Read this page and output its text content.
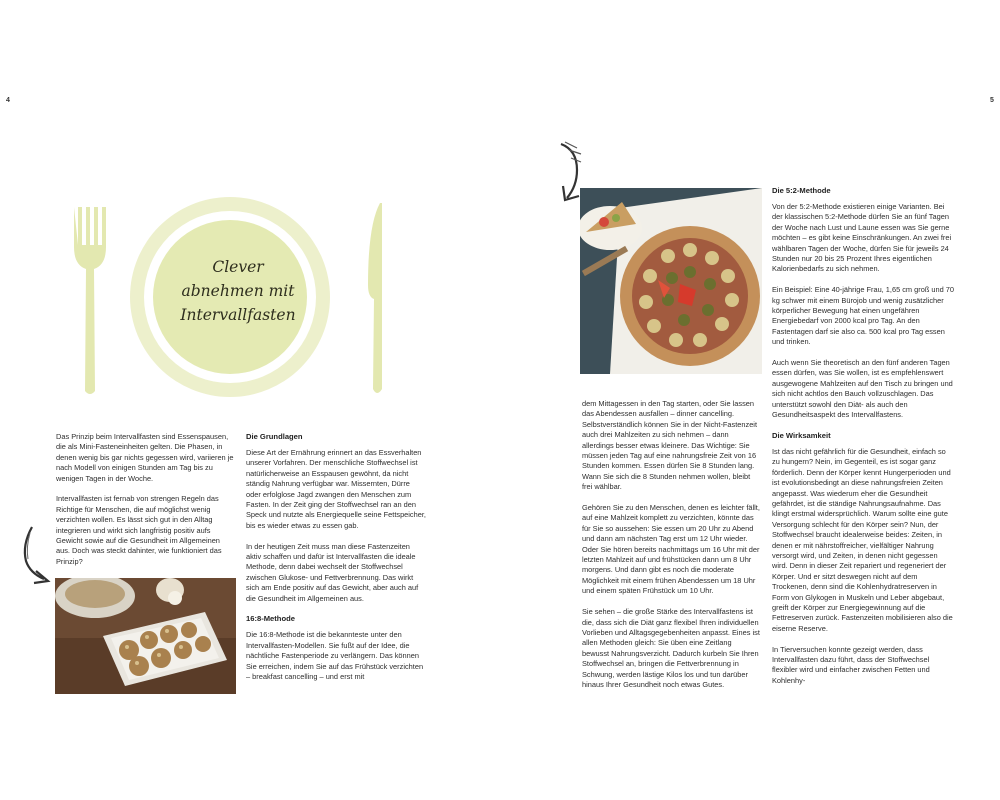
4	5
Clever
abnehmen mit
Intervallfasten

Das Prinzip beim Intervallfasten sind Essenspausen, die als Mini-Fasteneinheiten gelten. Die Phasen, in denen wenig bis gar nichts gegessen wird, variieren je nach Modell von einigen Stunden am Tag bis zu wenigen Tagen in der Woche.

Intervallfasten ist fernab von strengen Regeln das Richtige für Menschen, die auf möglichst wenig verzichten wollen. Es lässt sich gut in den Alltag integrieren und wirkt sich langfristig positiv aufs Gewicht sowie auf die Gesundheit im Allgemeinen aus. Doch was steckt dahinter, wie funktioniert das Prinzip?

Die Grundlagen

Diese Art der Ernährung erinnert an das Essverhalten unserer Vorfahren. Der menschliche Stoffwechsel ist natürlicherweise an Esspausen gewöhnt, da nicht ständig Nahrung verfügbar war. Missernten, Dürre oder erfolglose Jagd zwangen den Menschen zum Fasten. In der Zeit ging der Stoffwechsel ran an den Speck und nutzte als Energiequelle seine Fettspeicher, bis es wieder etwas zu essen gab.

In der heutigen Zeit muss man diese Fastenzeiten aktiv schaffen und dafür ist Intervallfasten die ideale Methode, denn dabei wechselt der Stoffwechsel zwischen Glukose- und Fettverbrennung. Das wirkt sich am Ende positiv auf das Gewicht, aber auch auf die Gesundheit im Allgemeinen aus.

16:8-Methode

Die 16:8-Methode ist die bekannteste unter den Intervallfasten-Modellen. Sie fußt auf der Idee, die nächtliche Fastenperiode zu verlängern. Das können Sie erreichen, indem Sie auf das Frühstück verzichten – breakfast cancelling – und erst mit

dem Mittagessen in den Tag starten, oder Sie lassen das Abendessen ausfallen – dinner cancelling. Selbstverständlich können Sie in der Nicht-Fastenzeit auch drei Mahlzeiten zu sich nehmen – dann allerdings besser etwas kleinere. Das Wichtige: Sie müssen jeden Tag auf eine nahrungsfreie Zeit von 16 Stunden kommen. Essen dürfen Sie 8 Stunden lang. Wann Sie sich die 8 Stunden nehmen wollen, bleibt frei wählbar.

Gehören Sie zu den Menschen, denen es leichter fällt, auf eine Mahlzeit komplett zu verzichten, könnte das für Sie so aussehen: Sie essen um 20 Uhr zu Abend und dann am nächsten Tag erst um 12 Uhr wieder. Oder Sie hören bereits nachmittags um 16 Uhr mit der letzten Mahlzeit auf und frühstücken dann um 8 Uhr morgens. Und dann gibt es noch die moderate Möglichkeit mit einem frühen Abendessen um 18 Uhr und einem späten Frühstück um 10 Uhr.

Sie sehen – die große Stärke des Intervallfastens ist die, dass sich die Diät ganz flexibel Ihren individuellen Vorlieben und Alltagsgegebenheiten anpasst. Eines ist allen Methoden gleich: Sie üben eine Zeitlang bewusst Nahrungsverzicht. Dadurch kurbeln Sie Ihren Stoffwechsel an, bringen die Fettverbrennung in Schwung, werden lästige Kilos los und tun darüber hinaus Ihrer Gesundheit noch etwas Gutes.

Die 5:2-Methode

Von der 5:2-Methode existieren einige Varianten. Bei der klassischen 5:2-Methode dürfen Sie an fünf Tagen der Woche nach Lust und Laune essen was Sie gerne möchten – es gibt keine Einschränkungen. An zwei frei wählbaren Tagen der Woche, dürfen Sie für jeweils 24 Stunden nur 20 bis 25 Prozent Ihres eigentlichen Kalorienbedarfs zu sich nehmen.

Ein Beispiel: Eine 40-jährige Frau, 1,65 cm groß und 70 kg schwer mit einem Bürojob und wenig zusätzlicher körperlicher Bewegung hat einen ungefähren Energiebedarf von 2000 kcal pro Tag. An den Fastentagen darf sie also ca. 500 kcal pro Tag essen und trinken.

Auch wenn Sie theoretisch an den fünf anderen Tagen essen dürfen, was Sie wollen, ist es empfehlenswert ausgewogene Mahlzeiten auf den Tisch zu bringen und sich nicht achtlos den Bauch vollzuschlagen. Das unterstützt sowohl den Diät- als auch den Gesundheitsaspekt des Intervallfastens.

Die Wirksamkeit

Ist das nicht gefährlich für die Gesundheit, einfach so zu hungern? Nein, im Gegenteil, es ist sogar ganz förderlich. Denn der Körper kennt Hungerperioden und ist evolutionsbedingt an diese nahrungsfreien Zeiten angepasst. Was wiederum eher die Gesundheit gefährdet, ist die ständige Nahrungsaufnahme. Das klingt erstmal widersprüchlich. Warum sollte eine gute Versorgung schlecht für den Körper sein? Nun, der Stoffwechsel braucht idealerweise beides: Zeiten, in denen er mit nährstoffreicher, vielfältiger Nahrung versorgt wird, und Zeiten, in denen nicht gegessen wird. Denn in dieser Zeit repariert und regeneriert der Körper. Und er sitzt deswegen nicht auf dem Trockenen, denn sind die Kohlenhydratreserven in Form von Glykogen in Muskeln und Leber abgebaut, greift der Körper zur Energiegewinnung auf die Fettreserven zurück. Fastenzeiten mobilisieren also die eiserne Reserve.

In Tierversuchen konnte gezeigt werden, dass Intervallfasten dazu führt, dass der Stoffwechsel flexibler wird und einfacher zwischen Fetten und Kohlenhy-
